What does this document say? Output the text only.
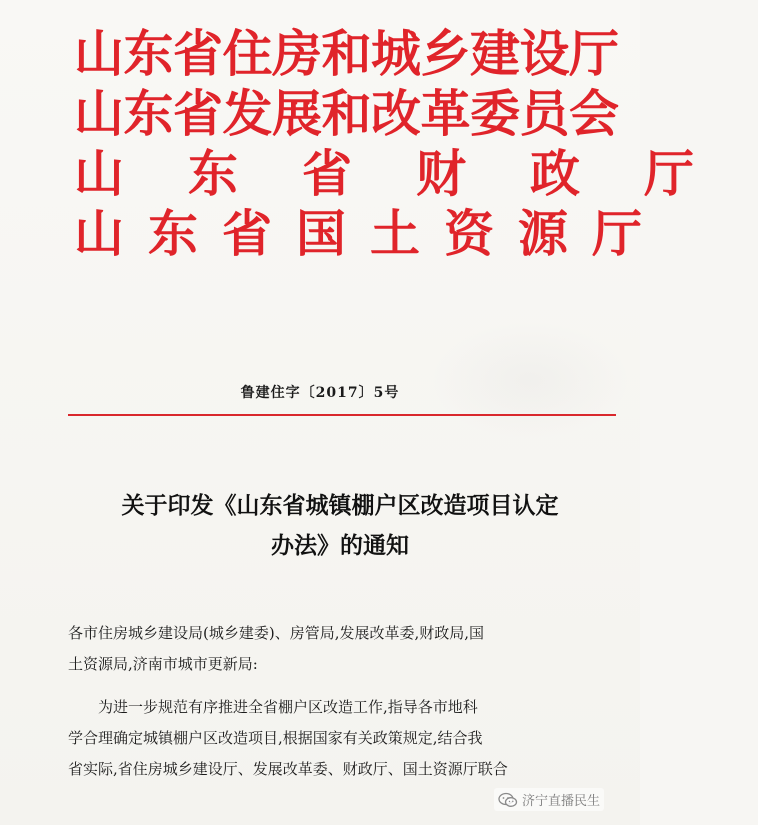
山东省住房和城乡建设厅
山东省发展和改革委员会
山东省财政厅
山东省国土资源厅
鲁建住字〔2017〕5号
关于印发《山东省城镇棚户区改造项目认定
办法》的通知
各市住房城乡建设局(城乡建委)、房管局,发展改革委,财政局,国
土资源局,济南市城市更新局:
为进一步规范有序推进全省棚户区改造工作,指导各市地科
学合理确定城镇棚户区改造项目,根据国家有关政策规定,结合我
省实际,省住房城乡建设厅、发展改革委、财政厅、国土资源厅联合
济宁直播民生
